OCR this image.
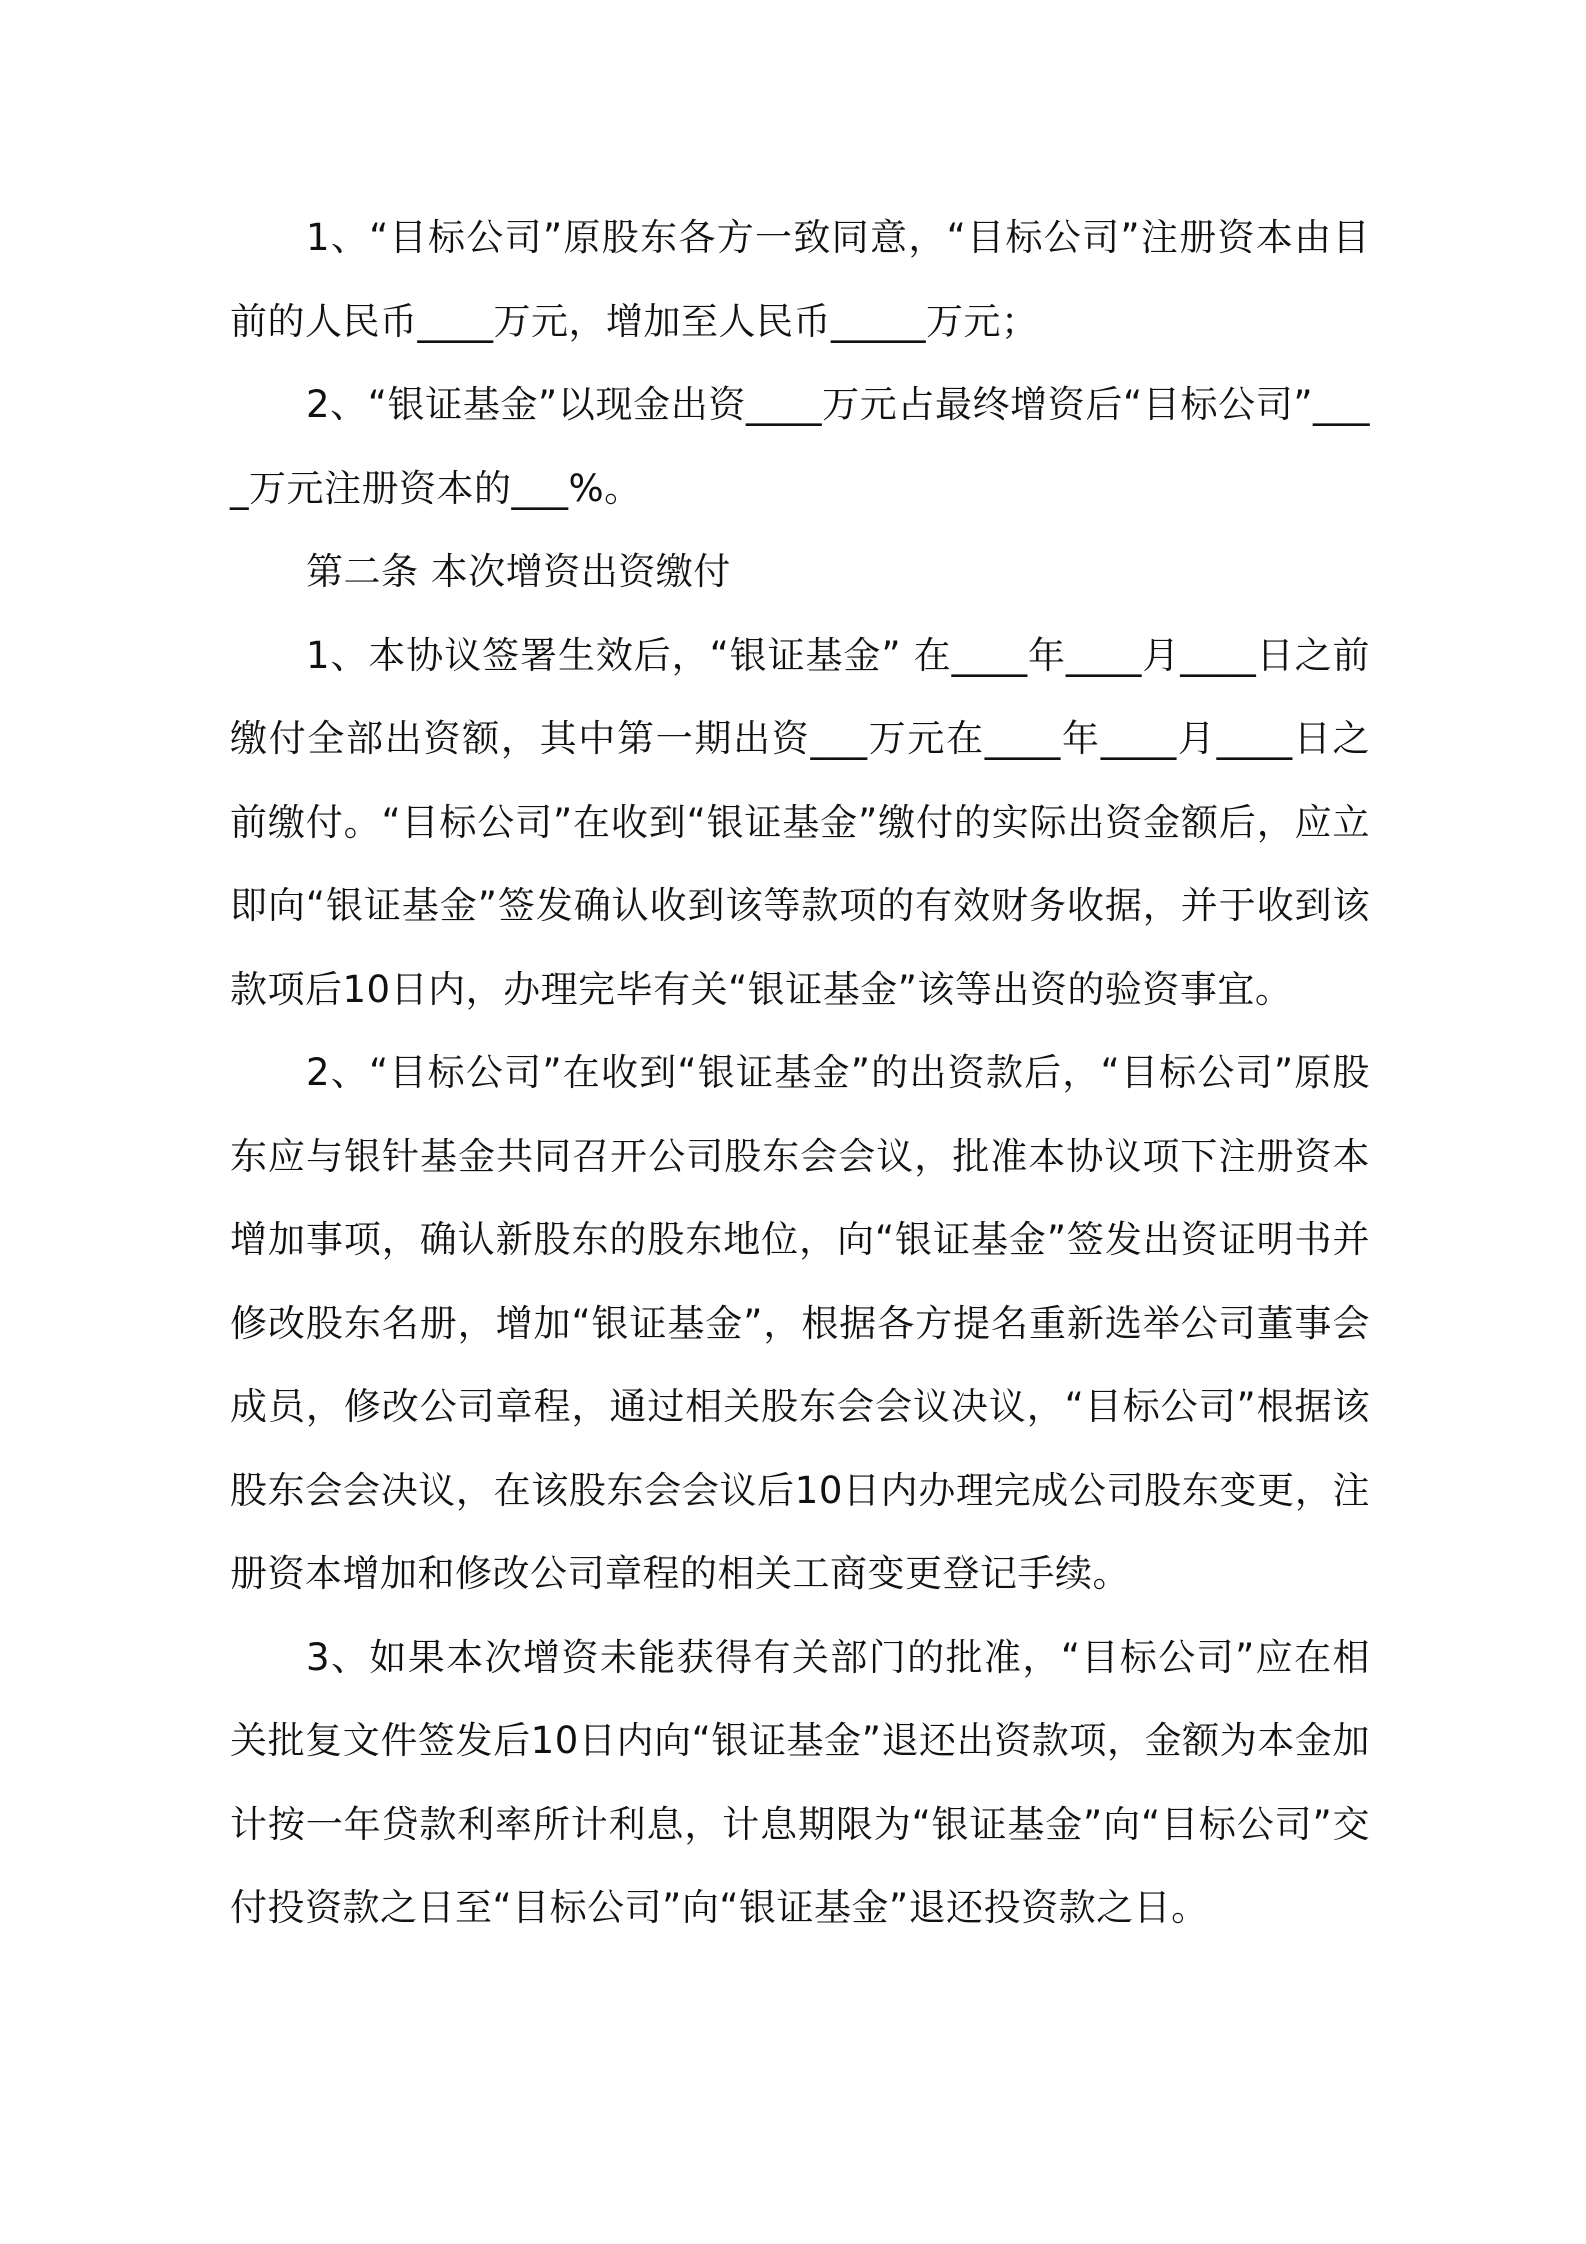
1、“目标公司”原股东各方一致同意，“目标公司”注册资本由目前的人民币____万元，增加至人民币_____万元；

2、“银证基金”以现金出资____万元占最终增资后“目标公司”____万元注册资本的___%。

第二条 本次增资出资缴付

1、本协议签署生效后，“银证基金” 在____年____月____日之前缴付全部出资额，其中第一期出资___万元在____年____月____日之前缴付。“目标公司”在收到“银证基金”缴付的实际出资金额后，应立即向“银证基金”签发确认收到该等款项的有效财务收据，并于收到该款项后10日内，办理完毕有关“银证基金”该等出资的验资事宜。

2、“目标公司”在收到“银证基金”的出资款后，“目标公司”原股东应与银针基金共同召开公司股东会会议，批准本协议项下注册资本增加事项，确认新股东的股东地位，向“银证基金”签发出资证明书并修改股东名册，增加“银证基金”，根据各方提名重新选举公司董事会成员，修改公司章程，通过相关股东会会议决议，“目标公司”根据该股东会会决议，在该股东会会议后10日内办理完成公司股东变更，注册资本增加和修改公司章程的相关工商变更登记手续。

3、如果本次增资未能获得有关部门的批准，“目标公司”应在相关批复文件签发后10日内向“银证基金”退还出资款项，金额为本金加计按一年贷款利率所计利息，计息期限为“银证基金”向“目标公司”交付投资款之日至“目标公司”向“银证基金”退还投资款之日。
